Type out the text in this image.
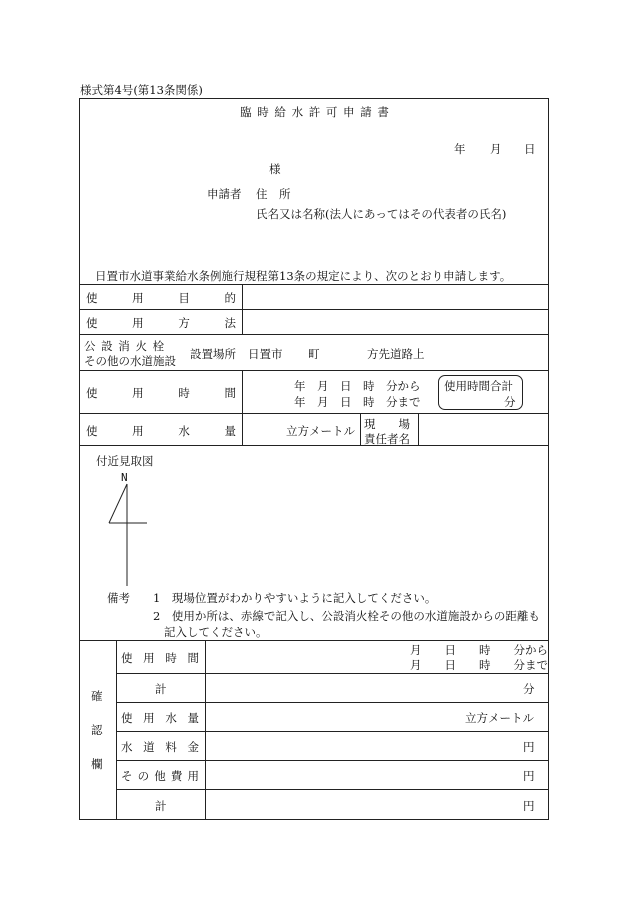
様式第4号(第13条関係)
臨 時 給 水 許 可 申 請 書
年 月 日
様
申請者 住　所
氏名又は名称(法人にあってはその代表者の氏名)
日置市水道事業給水条例施行規程第13条の規定により、次のとおり申請します。
使	用	目	的
使	用	方	法
公 設 消 火 栓
その他の水道施設 設置場所 日置市 町	方先道路上
使	用	時	間	年　月　日　時　分から
年　月　日　時　分まで
使用時間合計
分
使	用	水	量	立方メートル 現　　場
責任者名
付近見取図
N
備考 1　現場位置がわかりやすいように記入してください。
2　使用か所は、赤線で記入し、公設消火栓その他の水道施設からの距離も
記入してください。
確
認
欄
使 用 時 間
月　　日　　時　　分から
月　　日　　時　　分まで
計	分
使 用 水 量	立方メートル
水 道 料 金	円
そ の 他 費 用	円
計	円
